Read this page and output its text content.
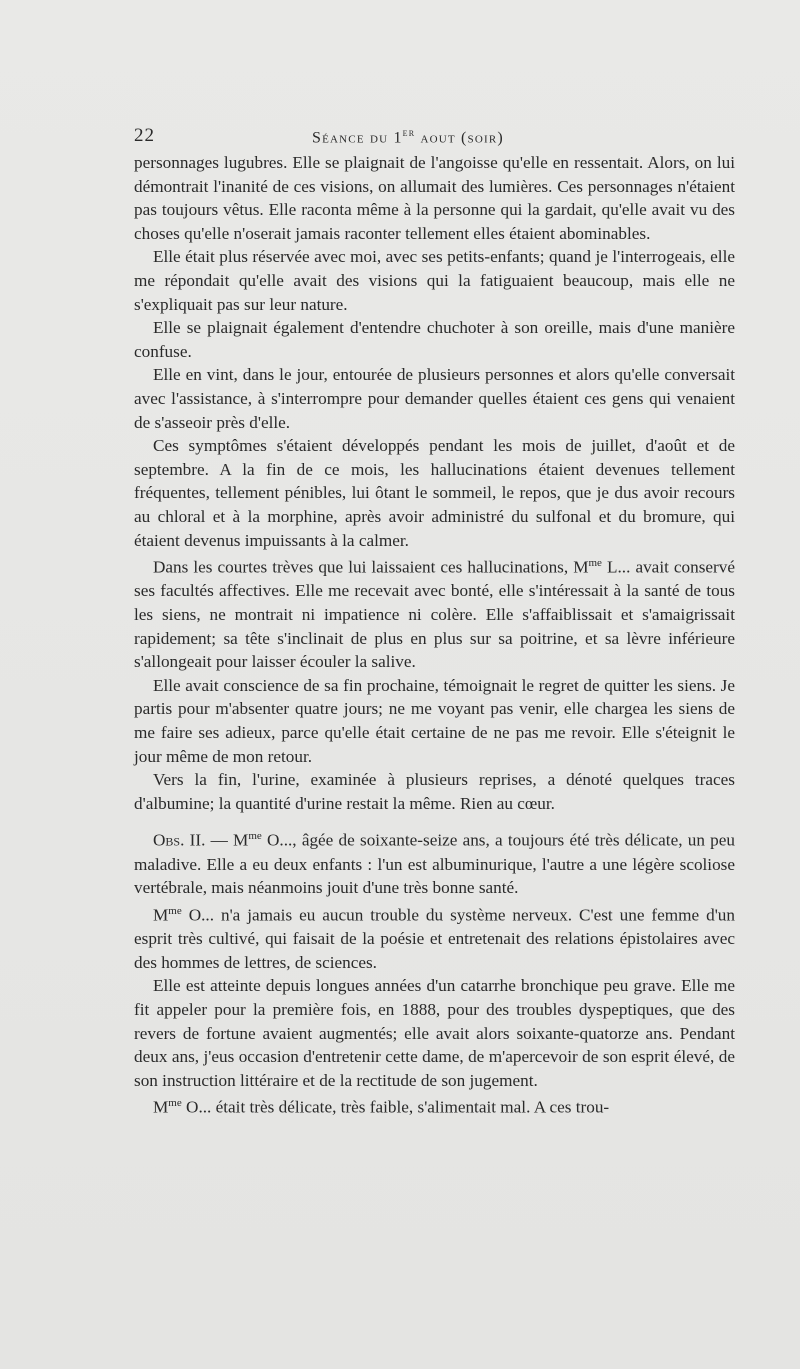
22	Séance du 1er aout (soir)

personnages lugubres. Elle se plaignait de l'angoisse qu'elle en ressentait. Alors, on lui démontrait l'inanité de ces visions, on allumait des lumières. Ces personnages n'étaient pas toujours vêtus. Elle raconta même à la personne qui la gardait, qu'elle avait vu des choses qu'elle n'oserait jamais raconter tellement elles étaient abominables.

Elle était plus réservée avec moi, avec ses petits-enfants; quand je l'interrogeais, elle me répondait qu'elle avait des visions qui la fatiguaient beaucoup, mais elle ne s'expliquait pas sur leur nature.

Elle se plaignait également d'entendre chuchoter à son oreille, mais d'une manière confuse.

Elle en vint, dans le jour, entourée de plusieurs personnes et alors qu'elle conversait avec l'assistance, à s'interrompre pour demander quelles étaient ces gens qui venaient de s'asseoir près d'elle.

Ces symptômes s'étaient développés pendant les mois de juillet, d'août et de septembre. A la fin de ce mois, les hallucinations étaient devenues tellement fréquentes, tellement pénibles, lui ôtant le sommeil, le repos, que je dus avoir recours au chloral et à la morphine, après avoir administré du sulfonal et du bromure, qui étaient devenus impuissants à la calmer.

Dans les courtes trèves que lui laissaient ces hallucinations, $M^{me}$ L... avait conservé ses facultés affectives. Elle me recevait avec bonté, elle s'intéressait à la santé de tous les siens, ne montrait ni impatience ni colère. Elle s'affaiblissait et s'amaigrissait rapidement; sa tête s'inclinait de plus en plus sur sa poitrine, et sa lèvre inférieure s'allongeait pour laisser écouler la salive.

Elle avait conscience de sa fin prochaine, témoignait le regret de quitter les siens. Je partis pour m'absenter quatre jours; ne me voyant pas venir, elle chargea les siens de me faire ses adieux, parce qu'elle était certaine de ne pas me revoir. Elle s'éteignit le jour même de mon retour.

Vers la fin, l'urine, examinée à plusieurs reprises, a dénoté quelques traces d'albumine; la quantité d'urine restait la même. Rien au cœur.

Obs. II. — $M^{me}$ O..., âgée de soixante-seize ans, a toujours été très délicate, un peu maladive. Elle a eu deux enfants : l'un est albuminurique, l'autre a une légère scoliose vertébrale, mais néanmoins jouit d'une très bonne santé.

$M^{me}$ O... n'a jamais eu aucun trouble du système nerveux. C'est une femme d'un esprit très cultivé, qui faisait de la poésie et entretenait des relations épistolaires avec des hommes de lettres, de sciences.

Elle est atteinte depuis longues années d'un catarrhe bronchique peu grave. Elle me fit appeler pour la première fois, en 1888, pour des troubles dyspeptiques, que des revers de fortune avaient augmentés; elle avait alors soixante-quatorze ans. Pendant deux ans, j'eus occasion d'entretenir cette dame, de m'apercevoir de son esprit élevé, de son instruction littéraire et de la rectitude de son jugement.

$M^{me}$ O... était très délicate, très faible, s'alimentait mal. A ces trou-
